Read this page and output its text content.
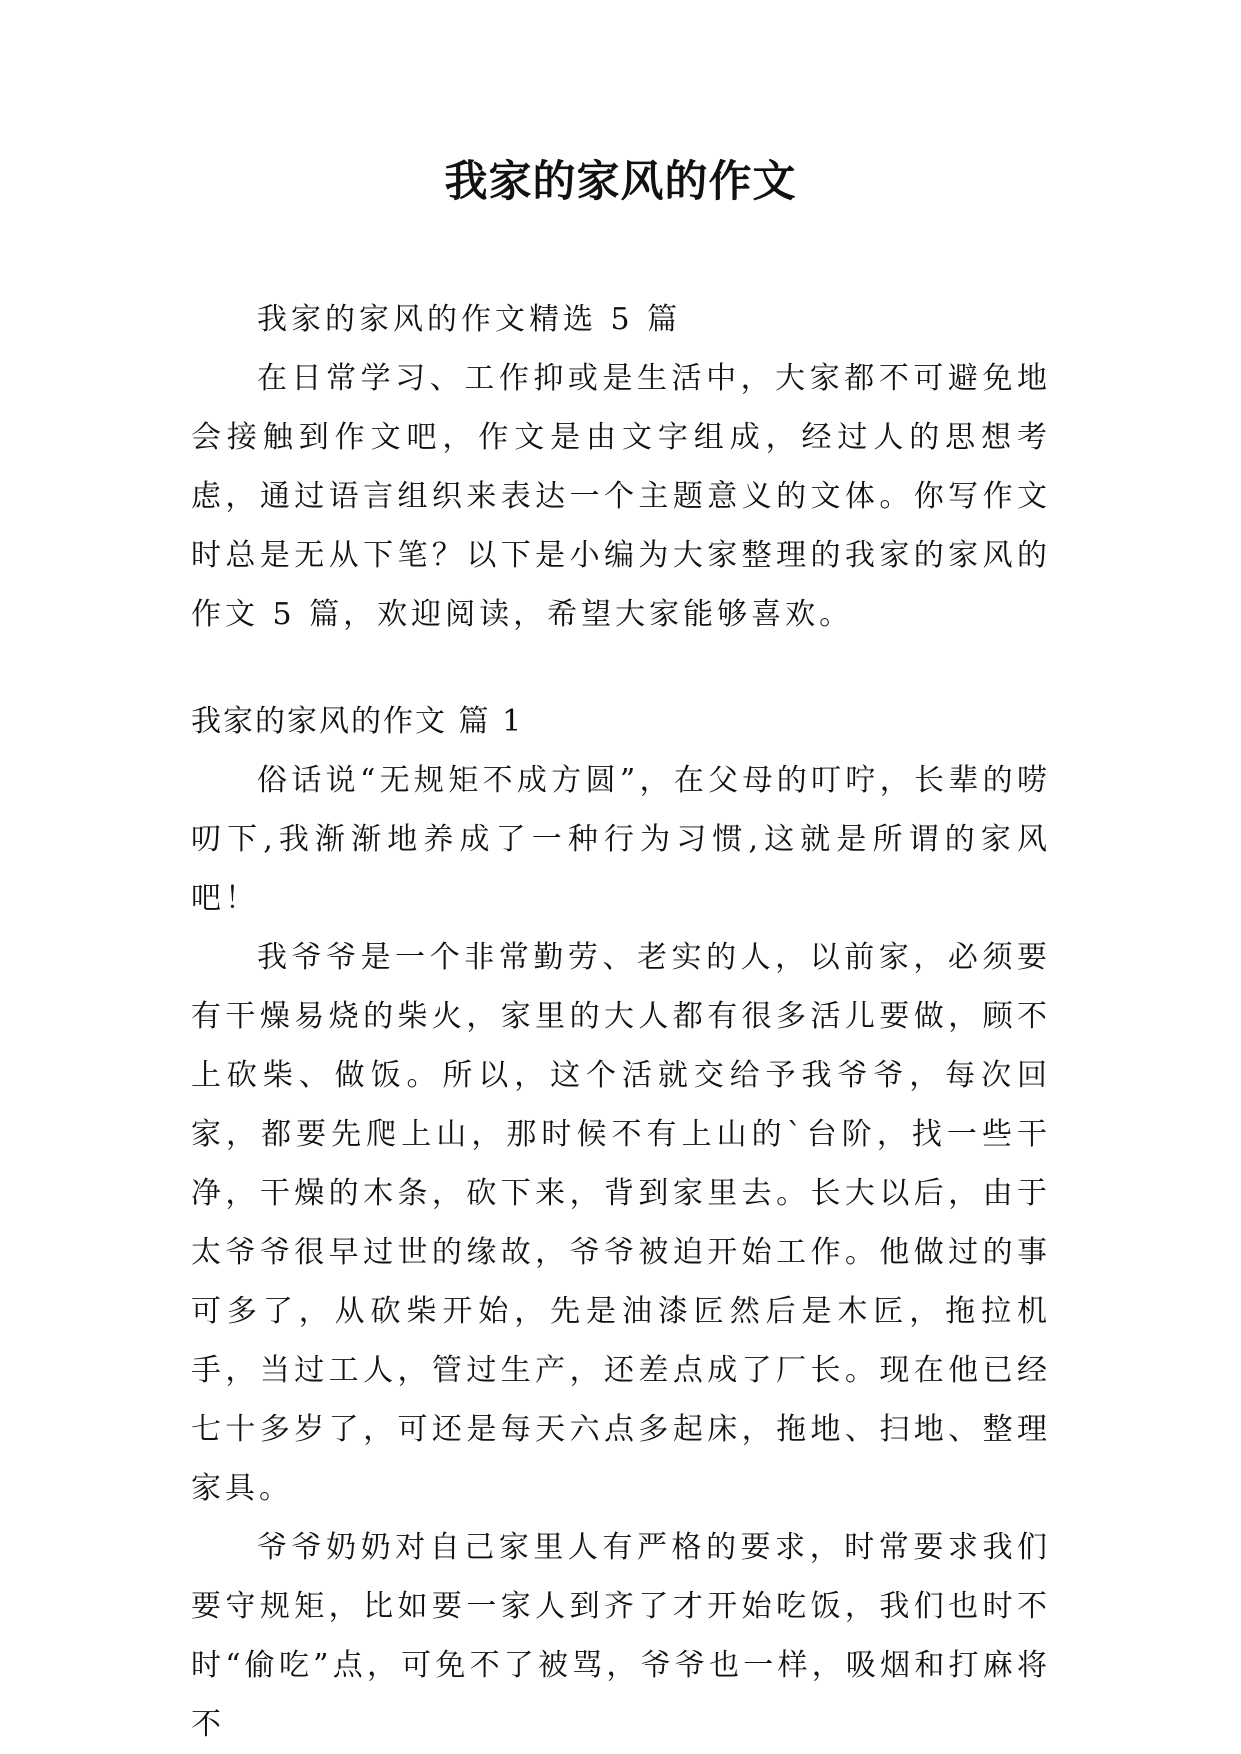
我家的家风的作文

我家的家风的作文精选 5 篇

在日常学习、工作抑或是生活中，大家都不可避免地会接触到作文吧，作文是由文字组成，经过人的思想考虑，通过语言组织来表达一个主题意义的文体。你写作文时总是无从下笔？以下是小编为大家整理的我家的家风的作文 5 篇，欢迎阅读，希望大家能够喜欢。

我家的家风的作文 篇 1

俗话说“无规矩不成方圆”，在父母的叮咛，长辈的唠叨下,我渐渐地养成了一种行为习惯,这就是所谓的家风吧！

我爷爷是一个非常勤劳、老实的人，以前家，必须要有干燥易烧的柴火，家里的大人都有很多活儿要做，顾不上砍柴、做饭。所以，这个活就交给予我爷爷，每次回家，都要先爬上山，那时候不有上山的`台阶，找一些干净，干燥的木条，砍下来，背到家里去。长大以后，由于太爷爷很早过世的缘故，爷爷被迫开始工作。他做过的事可多了，从砍柴开始，先是油漆匠然后是木匠，拖拉机手，当过工人，管过生产，还差点成了厂长。现在他已经七十多岁了，可还是每天六点多起床，拖地、扫地、整理家具。

爷爷奶奶对自己家里人有严格的要求，时常要求我们要守规矩，比如要一家人到齐了才开始吃饭，我们也时不时“偷吃”点，可免不了被骂，爷爷也一样，吸烟和打麻将不
